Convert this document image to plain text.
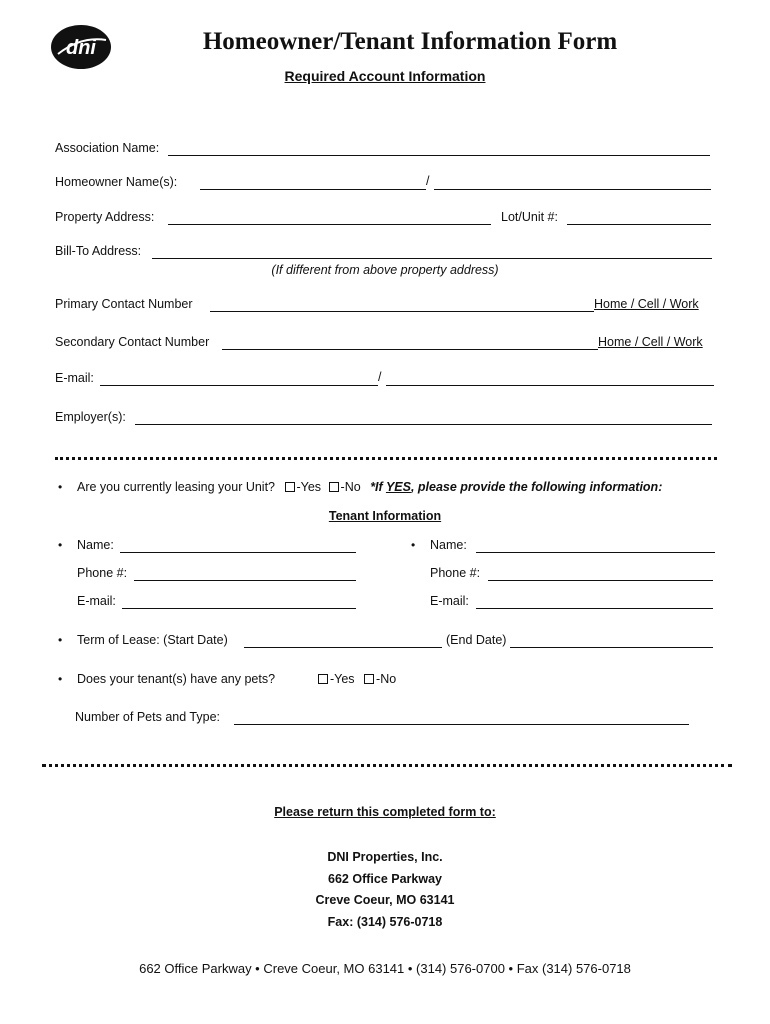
dni	Homeowner/Tenant Information Form
Required Account Information
Association Name:
Homeowner Name(s):	/
Property Address:	Lot/Unit #:
Bill-To Address:
(If different from above property address)
Primary Contact Number	Home / Cell / Work
Secondary Contact Number	Home / Cell / Work
E-mail:	/
Employer(s):
• Are you currently leasing your Unit? -Yes -No *If YES, please provide the following information:
Tenant Information
• Name:	• Name:
Phone #:	Phone #:
E-mail:	E-mail:
• Term of Lease: (Start Date)	(End Date)
• Does your tenant(s) have any pets?	-Yes -No
Number of Pets and Type:
Please return this completed form to:
DNI Properties, Inc.
662 Office Parkway
Creve Coeur, MO 63141
Fax: (314) 576-0718
662 Office Parkway • Creve Coeur, MO 63141 • (314) 576-0700 • Fax (314) 576-0718
